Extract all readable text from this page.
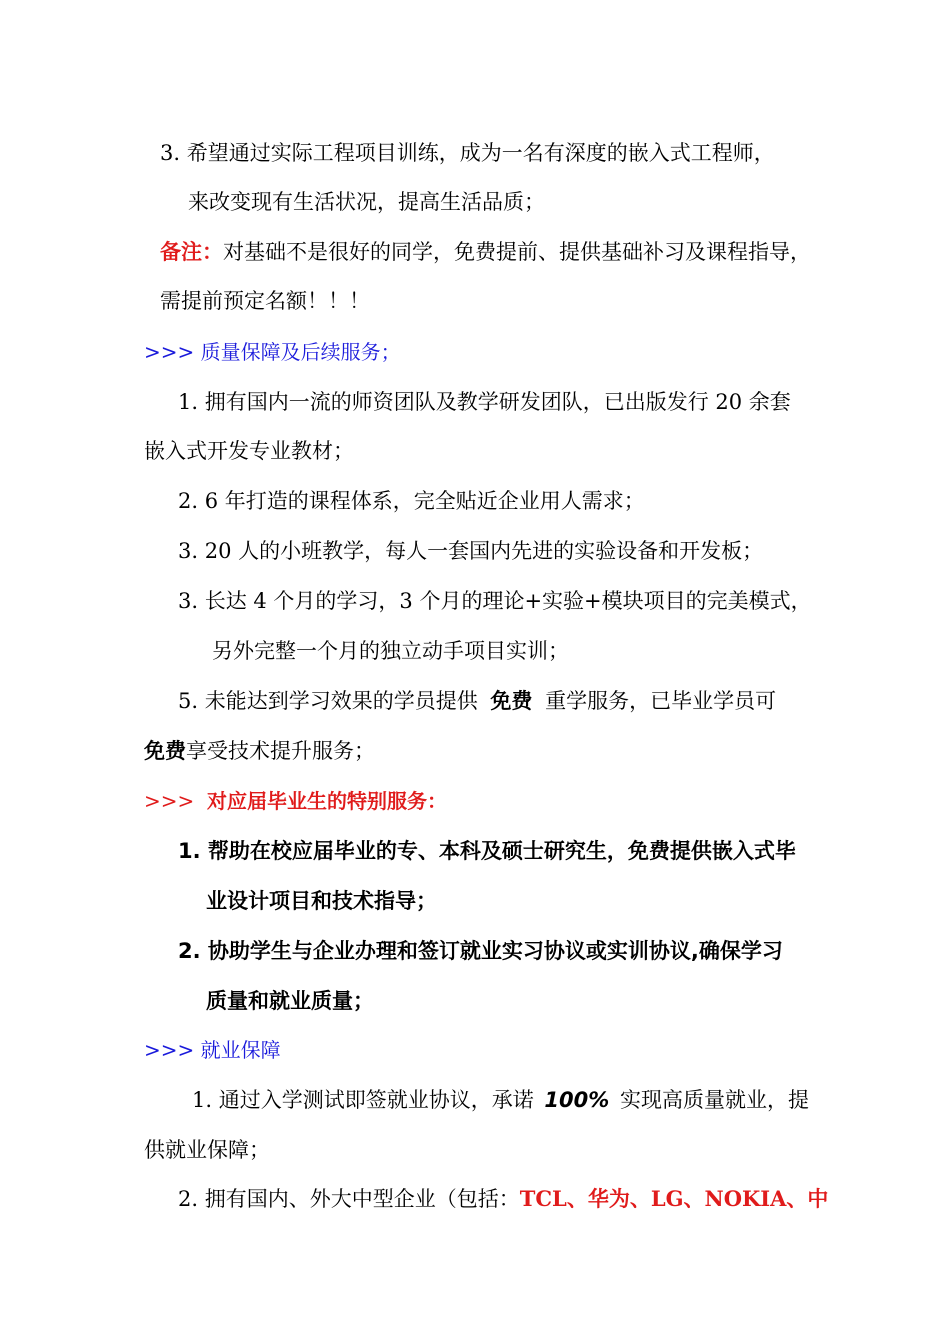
3. 希望通过实际工程项目训练，成为一名有深度的嵌入式工程师，
来改变现有生活状况，提高生活品质；
备注：对基础不是很好的同学，免费提前、提供基础补习及课程指导，
需提前预定名额！！！
>>> 质量保障及后续服务；
1. 拥有国内一流的师资团队及教学研发团队，已出版发行 20 余套
嵌入式开发专业教材；
2. 6 年打造的课程体系，完全贴近企业用人需求；
3. 20 人的小班教学，每人一套国内先进的实验设备和开发板；
3. 长达 4 个月的学习，3 个月的理论+实验+模块项目的完美模式，
另外完整一个月的独立动手项目实训；
5. 未能达到学习效果的学员提供 免费 重学服务，已毕业学员可
免费享受技术提升服务；
>>> 对应届毕业生的特别服务：
1. 帮助在校应届毕业的专、本科及硕士研究生，免费提供嵌入式毕
业设计项目和技术指导；
2. 协助学生与企业办理和签订就业实习协议或实训协议,确保学习
质量和就业质量；
>>> 就业保障
1. 通过入学测试即签就业协议，承诺 100% 实现高质量就业，提
供就业保障；
2. 拥有国内、外大中型企业（包括：TCL、华为、LG、NOKIA、中
